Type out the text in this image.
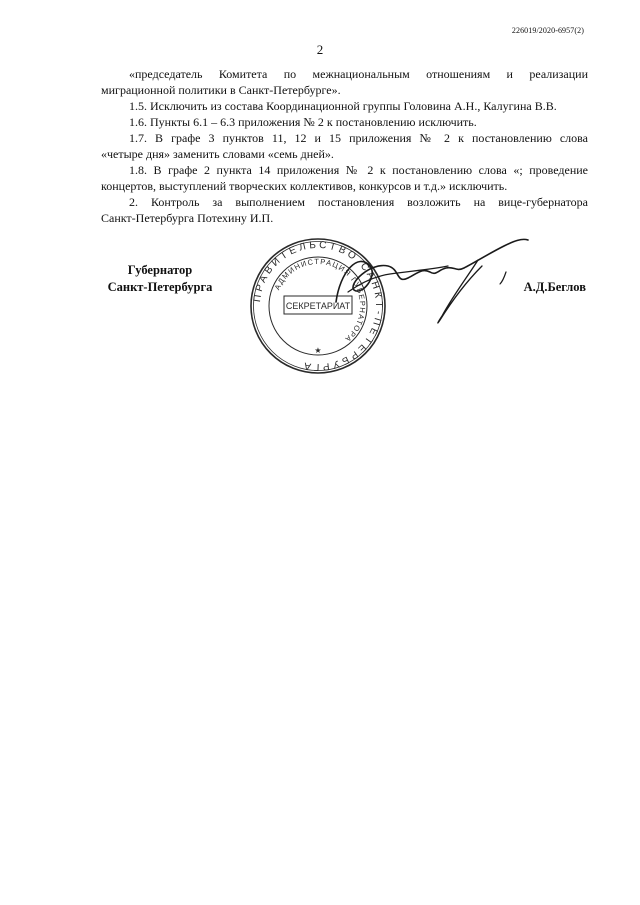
226019/2020-6957(2)
2

«председатель Комитета по межнациональным отношениям и реализации

миграционной политики в Санкт-Петербурге».

1.5. Исключить из состава Координационной группы Головина А.Н., Калугина В.В.

1.6. Пункты 6.1 – 6.3 приложения № 2 к постановлению исключить.

1.7. В графе 3 пунктов 11, 12 и 15 приложения № 2 к постановлению слова

«четыре дня» заменить словами «семь дней».

1.8. В графе 2 пункта 14 приложения № 2 к постановлению слова «; проведение

концертов, выступлений творческих коллективов, конкурсов и т.д.» исключить.

2. Контроль за выполнением постановления возложить на вице-губернатора

Санкт-Петербурга Потехину И.П.

Губернатор
Санкт-Петербурга
ПРАВИТЕЛЬСТВО САНКТ-ПЕТЕРБУРГА
АДМИНИСТРАЦИЯ ГУБЕРНАТОРА
СЕКРЕТАРИАТ
★
А.Д.Беглов
